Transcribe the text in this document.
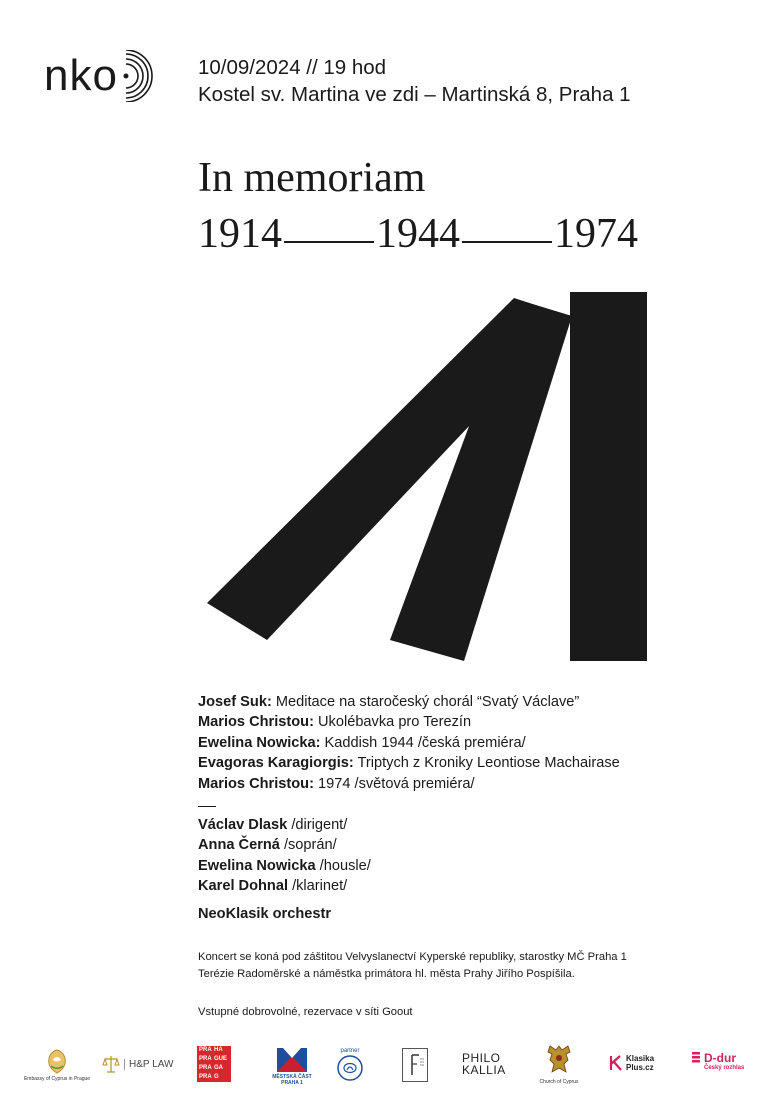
nko	10/09/2024 // 19 hod
Kostel sv. Martina ve zdi – Martinská 8, Praha 1
In memoriam
1914 1944 1974
Josef Suk: Meditace na staročeský chorál “Svatý Václave”
Marios Christou: Ukolébavka pro Terezín
Ewelina Nowicka: Kaddish 1944 /česká premiéra/
Evagoras Karagiorgis: Triptych z Kroniky Leontiose Machairase
Marios Christou: 1974 /světová premiéra/
Václav Dlask /dirigent/
Anna Černá /soprán/
Ewelina Nowicka /housle/
Karel Dohnal /klarinet/
NeoKlasik orchestr
Koncert se koná pod záštitou Velvyslanectví Kyperské republiky, starostky MČ Praha 1
Terézie Radoměrské a náměstka primátora hl. města Prahy Jiřího Pospíšila.
Vstupné dobrovolné, rezervace v síti Goout
Embassy of Cyprus in Prague
H&P LAW
PRA HA
PRA GUE
PRA GA
PRA G	MĚSTSKÁ ČÁST
PRAHA 1
partner	PHILO
KALLIA
Church of Cyprus
Klasika
Plus.cz
D-dur
Český rozhlas
